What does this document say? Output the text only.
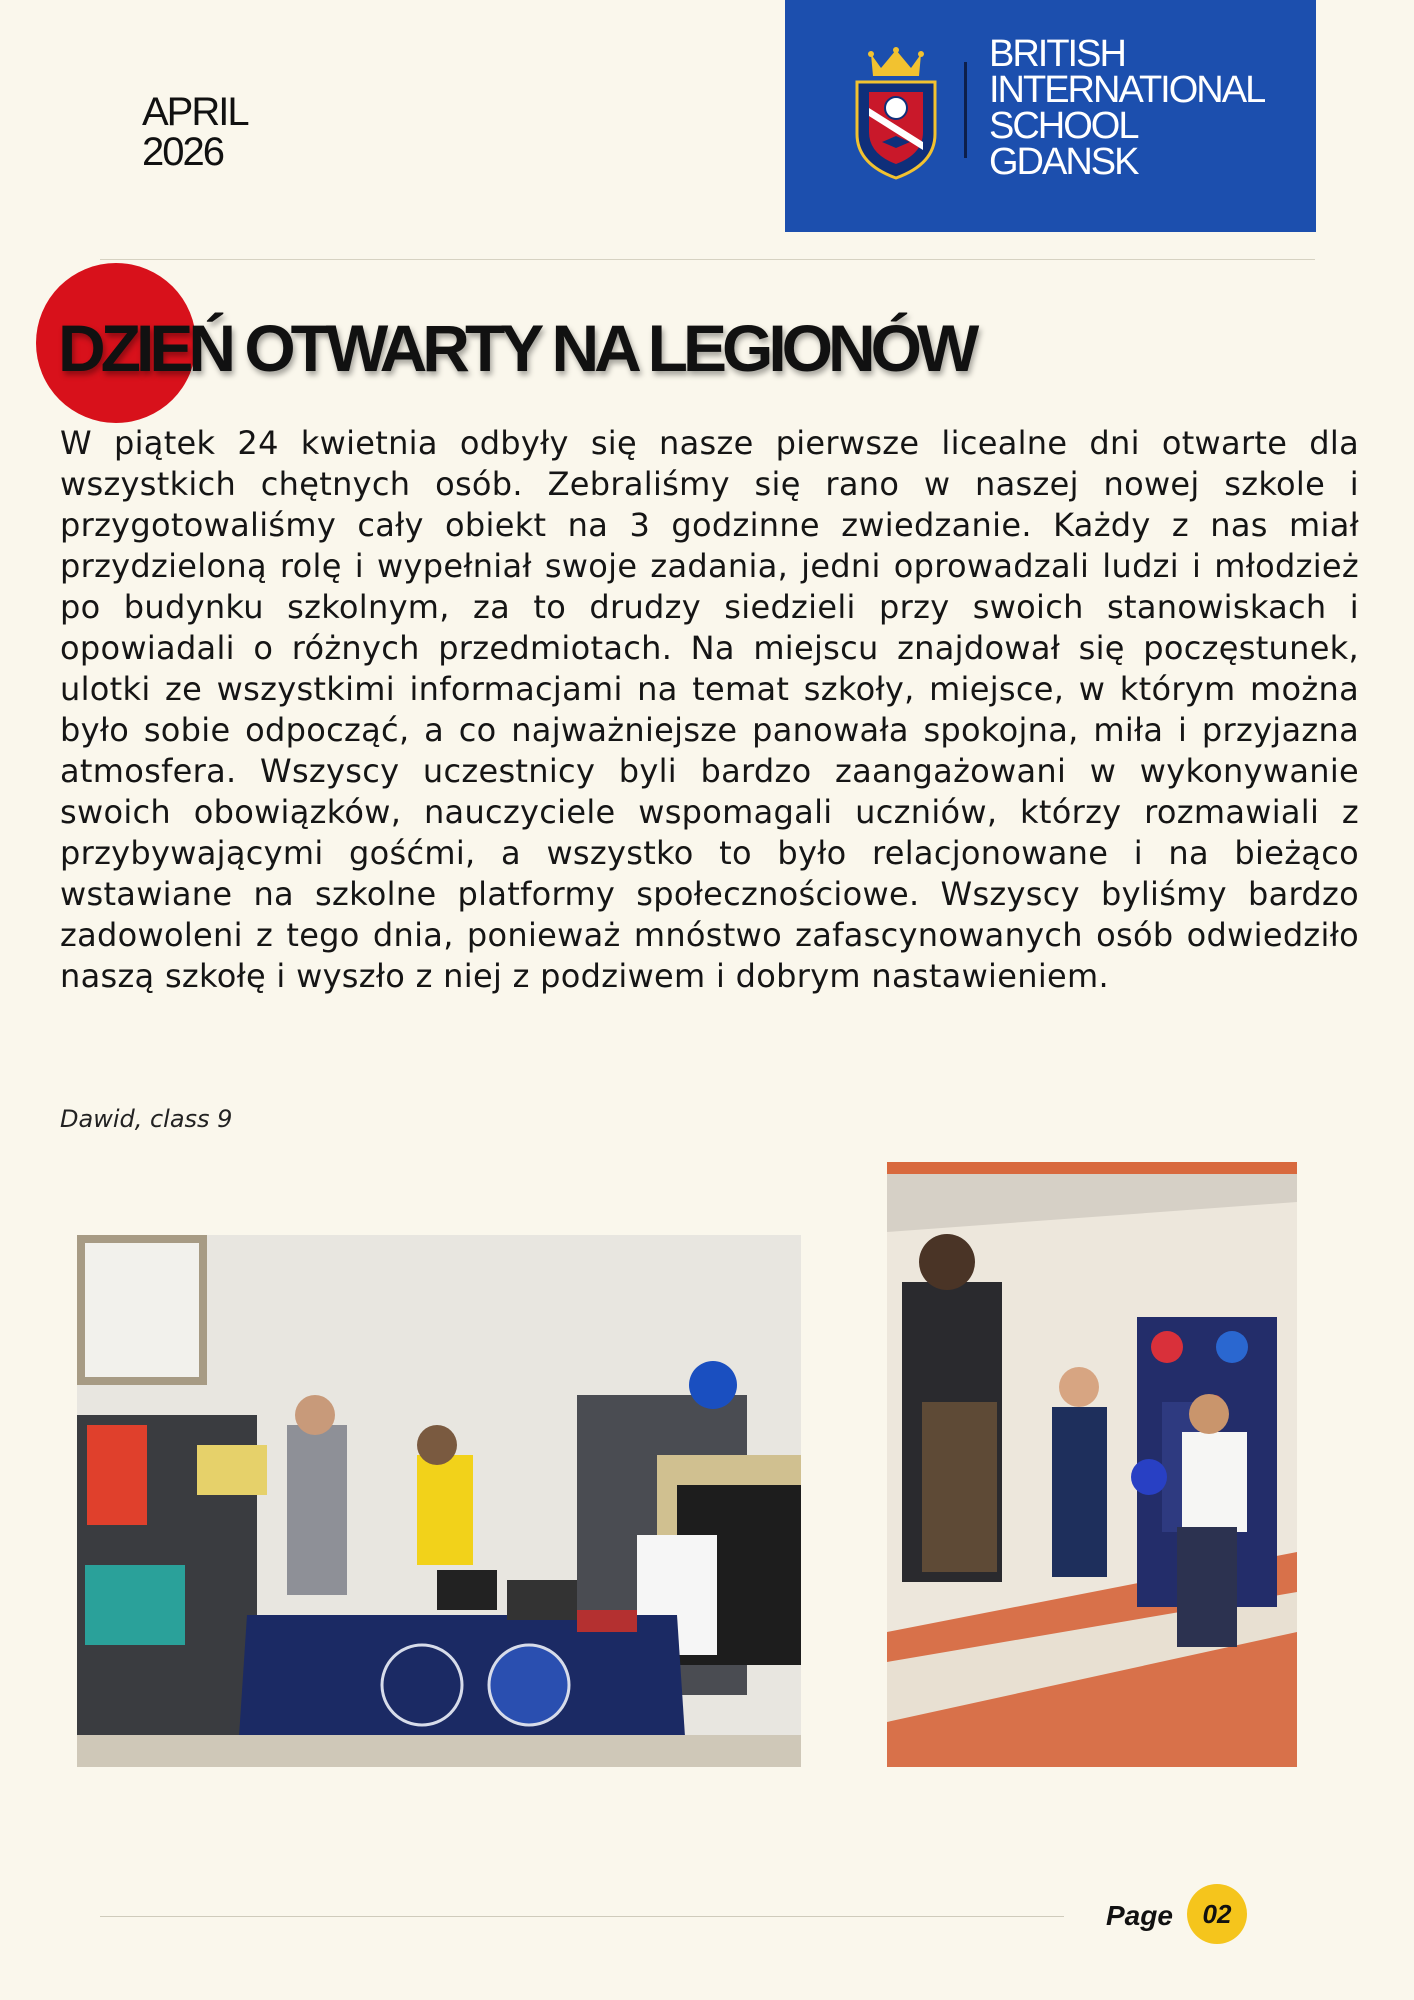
APRIL
2026
BRITISH
INTERNATIONAL
SCHOOL
GDANSK
DZIEŃ OTWARTY NA LEGIONÓW

W piątek 24 kwietnia odbyły się nasze pierwsze licealne dni otwarte dla wszystkich chętnych osób. Zebraliśmy się rano w naszej nowej szkole i przygotowaliśmy cały obiekt na 3 godzinne zwiedzanie. Każdy z nas miał przydzieloną rolę i wypełniał swoje zadania, jedni oprowadzali ludzi i młodzież po budynku szkolnym, za to drudzy siedzieli przy swoich stanowiskach i opowiadali o różnych przedmiotach. Na miejscu znajdował się poczęstunek, ulotki ze wszystkimi informacjami na temat szkoły, miejsce, w którym można było sobie odpocząć, a co najważniejsze panowała spokojna, miła i przyjazna atmosfera. Wszyscy uczestnicy byli bardzo zaangażowani w wykonywanie swoich obowiązków, nauczyciele wspomagali uczniów, którzy rozmawiali z przybywającymi gośćmi, a wszystko to było relacjonowane i na bieżąco wstawiane na szkolne platformy społecznościowe. Wszyscy byliśmy bardzo zadowoleni z tego dnia, ponieważ mnóstwo zafascynowanych osób odwiedziło naszą szkołę i wyszło z niej z podziwem i dobrym nastawieniem.

Dawid, class 9
Page	02
